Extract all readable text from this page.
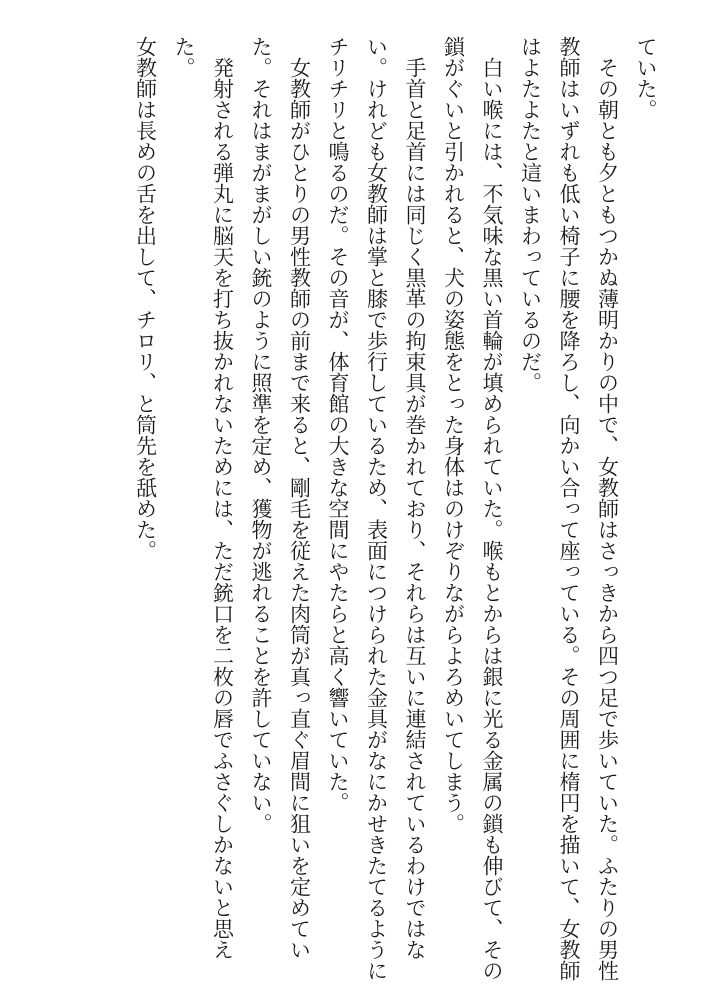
ていた。

その朝とも夕ともつかぬ薄明かりの中で、女教師はさっきから四つ足で歩いていた。ふたりの男性教師はいずれも低い椅子に腰を降ろし、向かい合って座っている。その周囲に楕円を描いて、女教師はよたよたと這いまわっているのだ。

白い喉には、不気味な黒い首輪が填められていた。喉もとからは銀に光る金属の鎖も伸びて、その鎖がぐいと引かれると、犬の姿態をとった身体はのけぞりながらよろめいてしまう。

手首と足首には同じく黒革の拘束具が巻かれており、それらは互いに連結されているわけではない。けれども女教師は掌と膝で歩行しているため、表面につけられた金具がなにかせきたてるようにチリチリと鳴るのだ。その音が、体育館の大きな空間にやたらと高く響いていた。

女教師がひとりの男性教師の前まで来ると、剛毛を従えた肉筒が真っ直ぐ眉間に狙いを定めていた。それはまがまがしい銃のように照準を定め、獲物が逃れることを許していない。

発射される弾丸に脳天を打ち抜かれないためには、ただ銃口を二枚の唇でふさぐしかないと思えた。

女教師は長めの舌を出して、チロリ、と筒先を舐めた。
